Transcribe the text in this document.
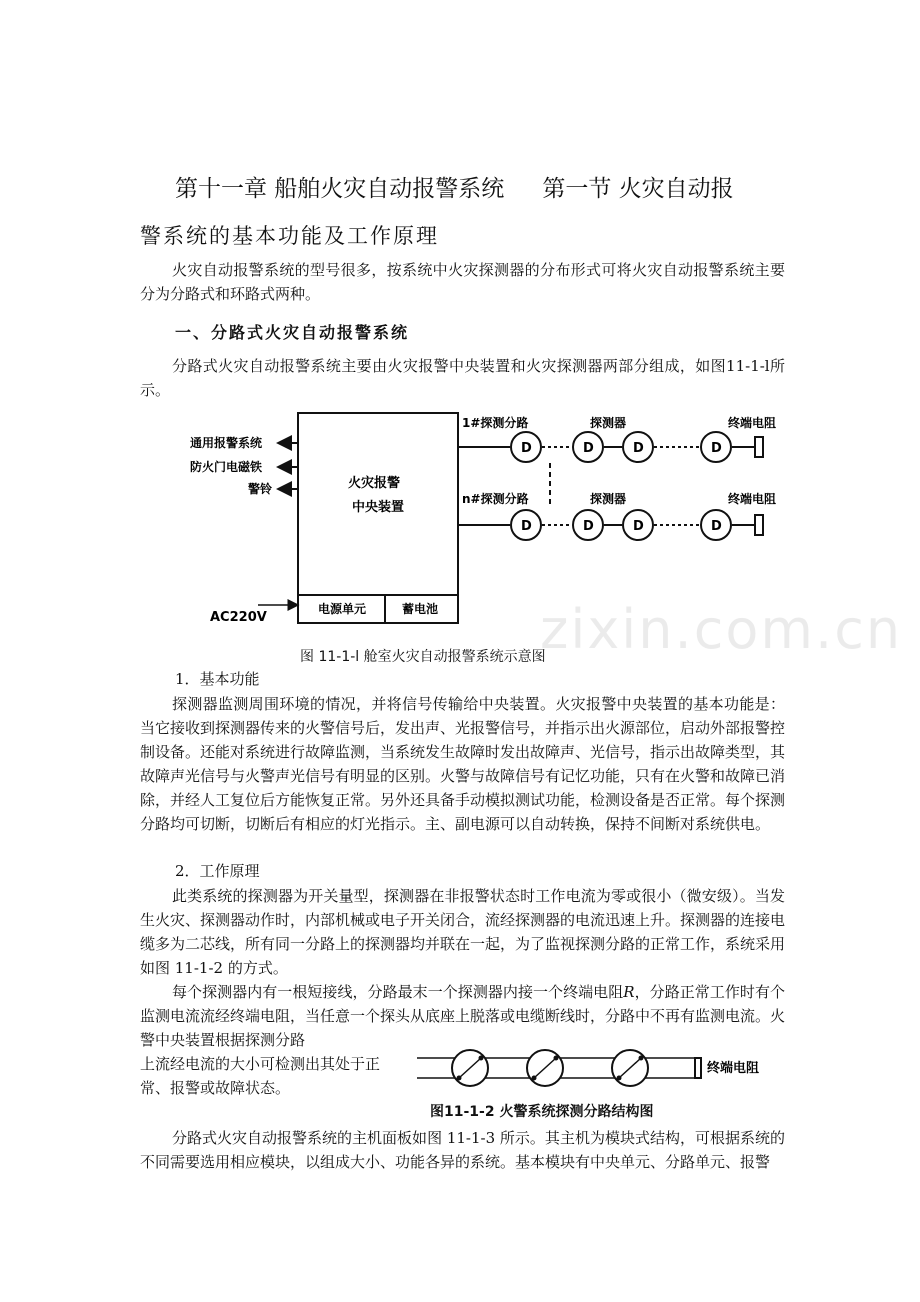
第十一章 船舶火灾自动报警系统 第一节 火灾自动报
警系统的基本功能及工作原理
火灾自动报警系统的型号很多，按系统中火灾探测器的分布形式可将火灾自动报警系统主要分为分路式和环路式两种。
一、分路式火灾自动报警系统
分路式火灾自动报警系统主要由火灾报警中央装置和火灾探测器两部分组成，如图11-1-l所示。
火灾报警
中央装置
电源单元	蓄电池
通用报警系统
防火门电磁铁
警铃
AC220V
1#探测分路	探测器	终端电阻
D	D	D	D
n#探测分路	探测器	终端电阻
D	D	D	D
zixin.com.cn
图 11-1-l 舱室火灾自动报警系统示意图
1．基本功能
探测器监测周围环境的情况，并将信号传输给中央装置。火灾报警中央装置的基本功能是： 当它接收到探测器传来的火警信号后，发出声、光报警信号，并指示出火源部位，启动外部报警控制设备。还能对系统进行故障监测，当系统发生故障时发出故障声、光信号，指示出故障类型，其故障声光信号与火警声光信号有明显的区别。火警与故障信号有记忆功能，只有在火警和故障已消除，并经人工复位后方能恢复正常。另外还具备手动模拟测试功能，检测设备是否正常。每个探测分路均可切断，切断后有相应的灯光指示。主、副电源可以自动转换，保持不间断对系统供电。
2．工作原理
此类系统的探测器为开关量型，探测器在非报警状态时工作电流为零或很小（微安级）。当发生火灾、探测器动作时，内部机械或电子开关闭合，流经探测器的电流迅速上升。探测器的连接电缆多为二芯线，所有同一分路上的探测器均并联在一起，为了监视探测分路的正常工作，系统采用如图 11-1-2 的方式。
每个探测器内有一根短接线，分路最末一个探测器内接一个终端电阻R，分路正常工作时有个监测电流流经终端电阻，当任意一个探头从底座上脱落或电缆断线时，分路中不再有监测电流。火警中央装置根据探测分路
上流经电流的大小可检测出其处于正
常、报警或故障状态。
终端电阻
图11-1-2 火警系统探测分路结构图
分路式火灾自动报警系统的主机面板如图 11-1-3 所示。其主机为模块式结构，可根据系统的不同需要选用相应模块，以组成大小、功能各异的系统。基本模块有中央单元、分路单元、报警
